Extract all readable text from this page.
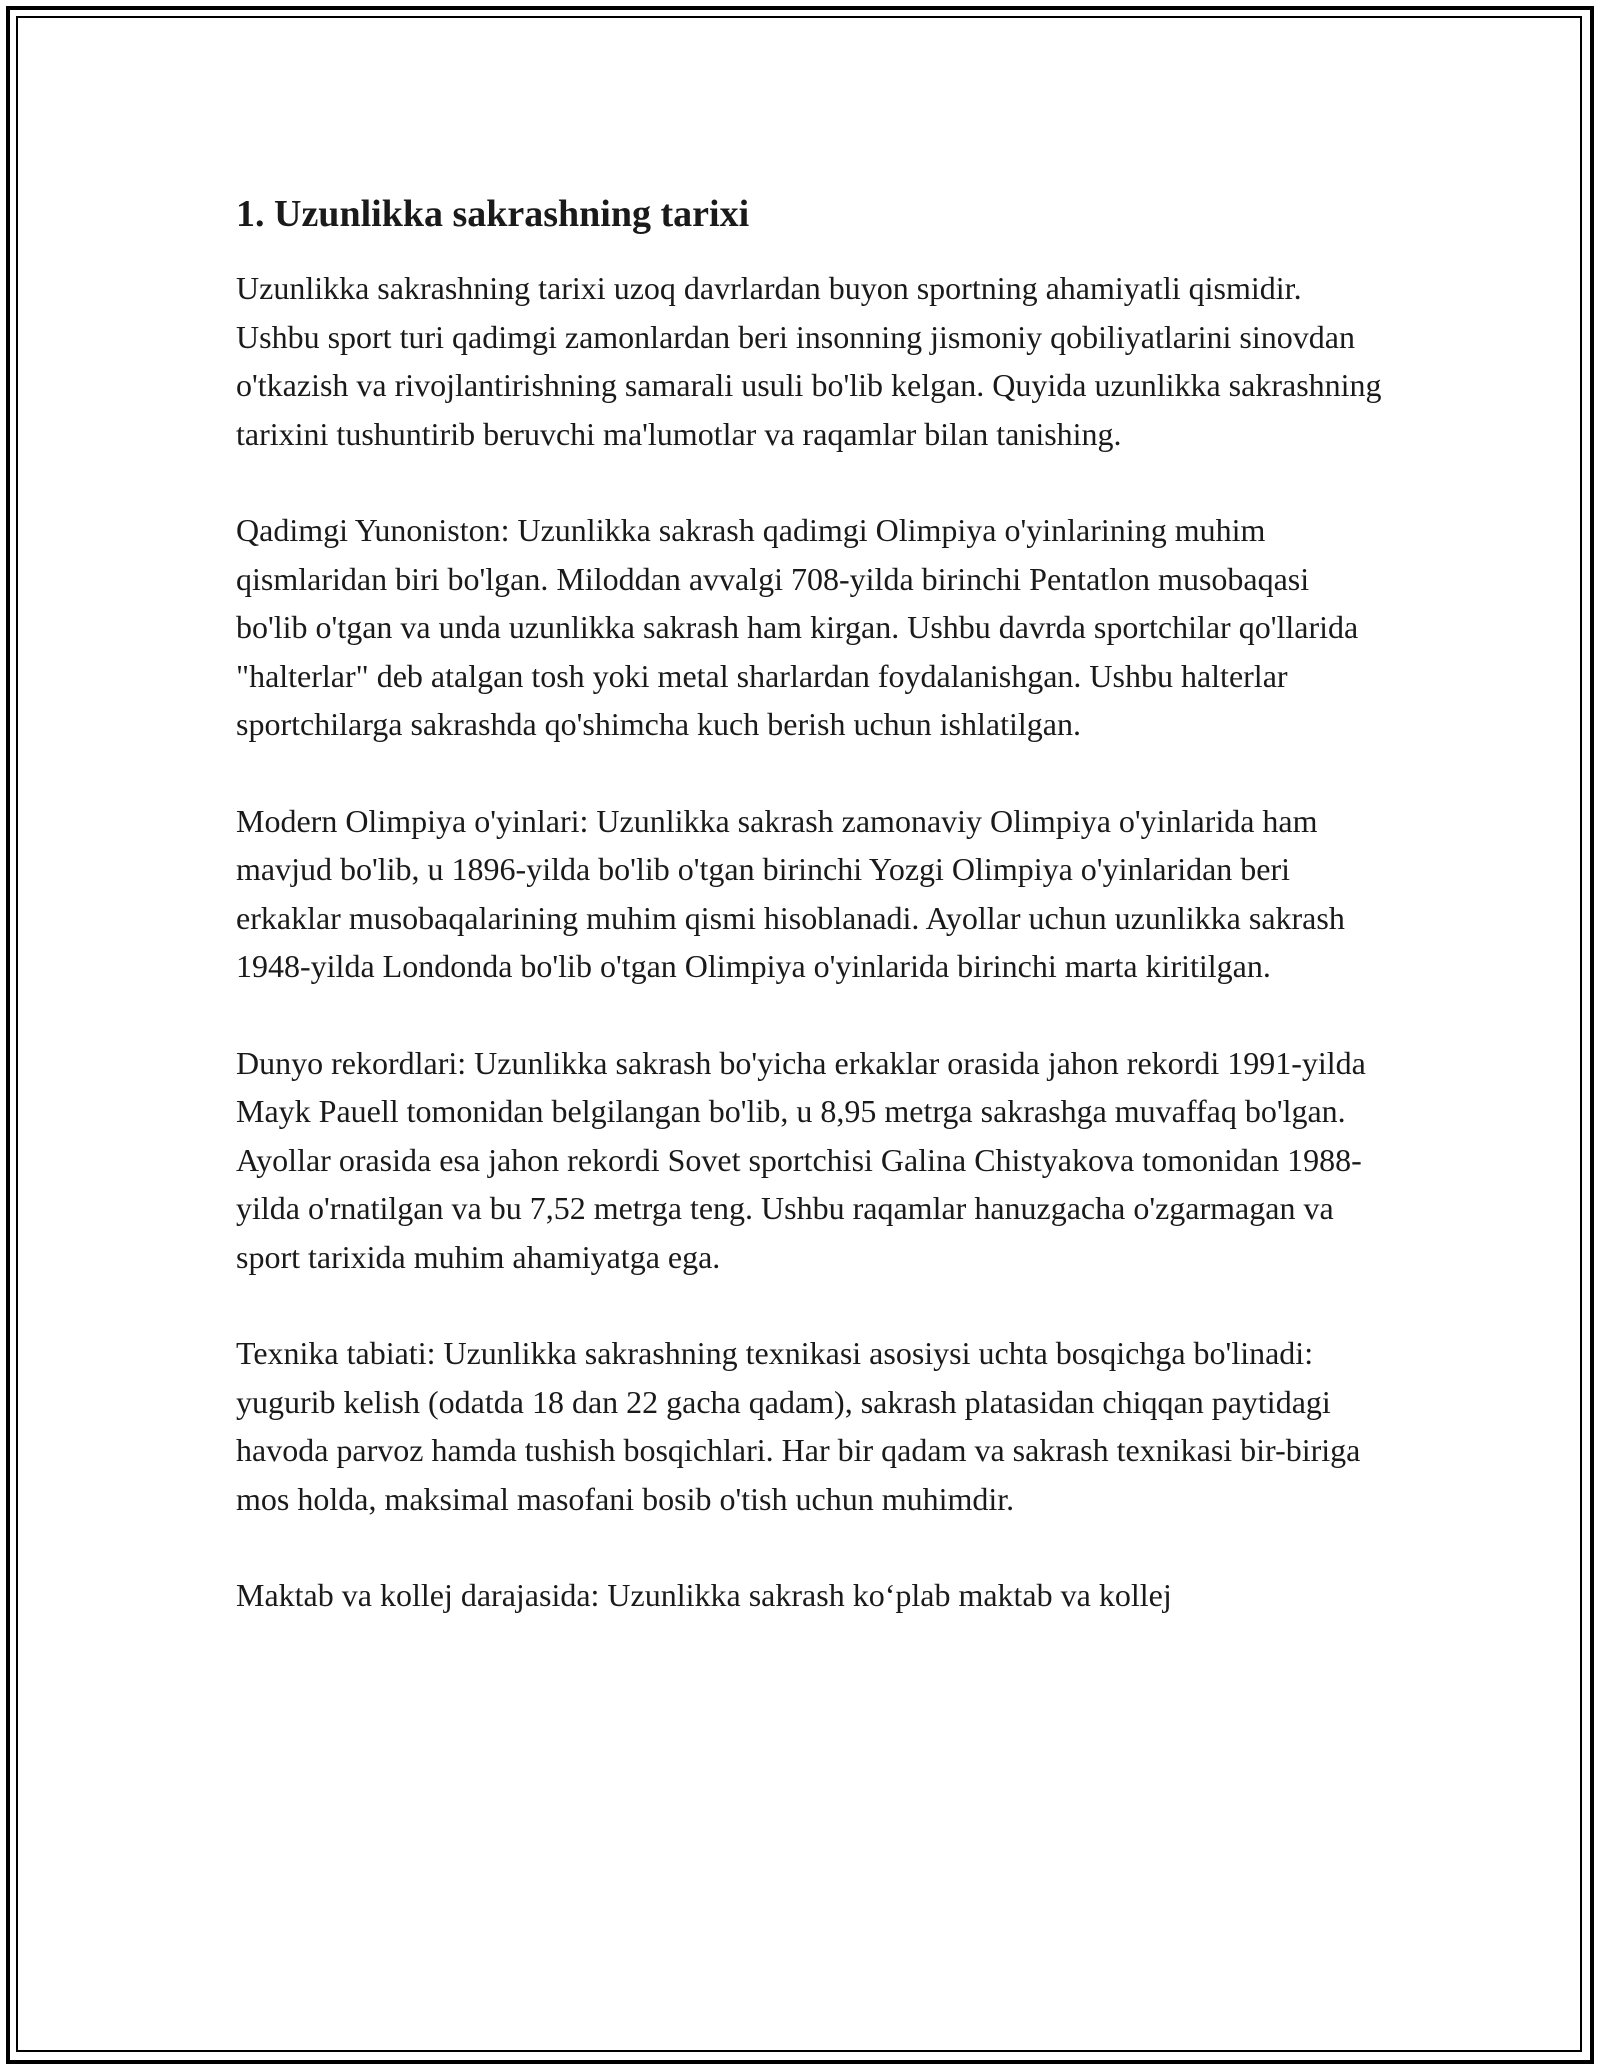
1. Uzunlikka sakrashning tarixi

Uzunlikka sakrashning tarixi uzoq davrlardan buyon sportning ahamiyatli qismidir. Ushbu sport turi qadimgi zamonlardan beri insonning jismoniy qobiliyatlarini sinovdan o'tkazish va rivojlantirishning samarali usuli bo'lib kelgan. Quyida uzunlikka sakrashning tarixini tushuntirib beruvchi ma'lumotlar va raqamlar bilan tanishing.

Qadimgi Yunoniston: Uzunlikka sakrash qadimgi Olimpiya o'yinlarining muhim qismlaridan biri bo'lgan. Miloddan avvalgi 708-yilda birinchi Pentatlon musobaqasi bo'lib o'tgan va unda uzunlikka sakrash ham kirgan. Ushbu davrda sportchilar qo'llarida "halterlar" deb atalgan tosh yoki metal sharlardan foydalanishgan. Ushbu halterlar sportchilarga sakrashda qo'shimcha kuch berish uchun ishlatilgan.

Modern Olimpiya o'yinlari: Uzunlikka sakrash zamonaviy Olimpiya o'yinlarida ham mavjud bo'lib, u 1896-yilda bo'lib o'tgan birinchi Yozgi Olimpiya o'yinlaridan beri erkaklar musobaqalarining muhim qismi hisoblanadi. Ayollar uchun uzunlikka sakrash 1948-yilda Londonda bo'lib o'tgan Olimpiya o'yinlarida birinchi marta kiritilgan.

Dunyo rekordlari: Uzunlikka sakrash bo'yicha erkaklar orasida jahon rekordi 1991-yilda Mayk Pauell tomonidan belgilangan bo'lib, u 8,95 metrga sakrashga muvaffaq bo'lgan. Ayollar orasida esa jahon rekordi Sovet sportchisi Galina Chistyakova tomonidan 1988-yilda o'rnatilgan va bu 7,52 metrga teng. Ushbu raqamlar hanuzgacha o'zgarmagan va sport tarixida muhim ahamiyatga ega.

Texnika tabiati: Uzunlikka sakrashning texnikasi asosiysi uchta bosqichga bo'linadi: yugurib kelish (odatda 18 dan 22 gacha qadam), sakrash platasidan chiqqan paytidagi havoda parvoz hamda tushish bosqichlari. Har bir qadam va sakrash texnikasi bir-biriga mos holda, maksimal masofani bosib o'tish uchun muhimdir.

Maktab va kollej darajasida: Uzunlikka sakrash ko‘plab maktab va kollej
